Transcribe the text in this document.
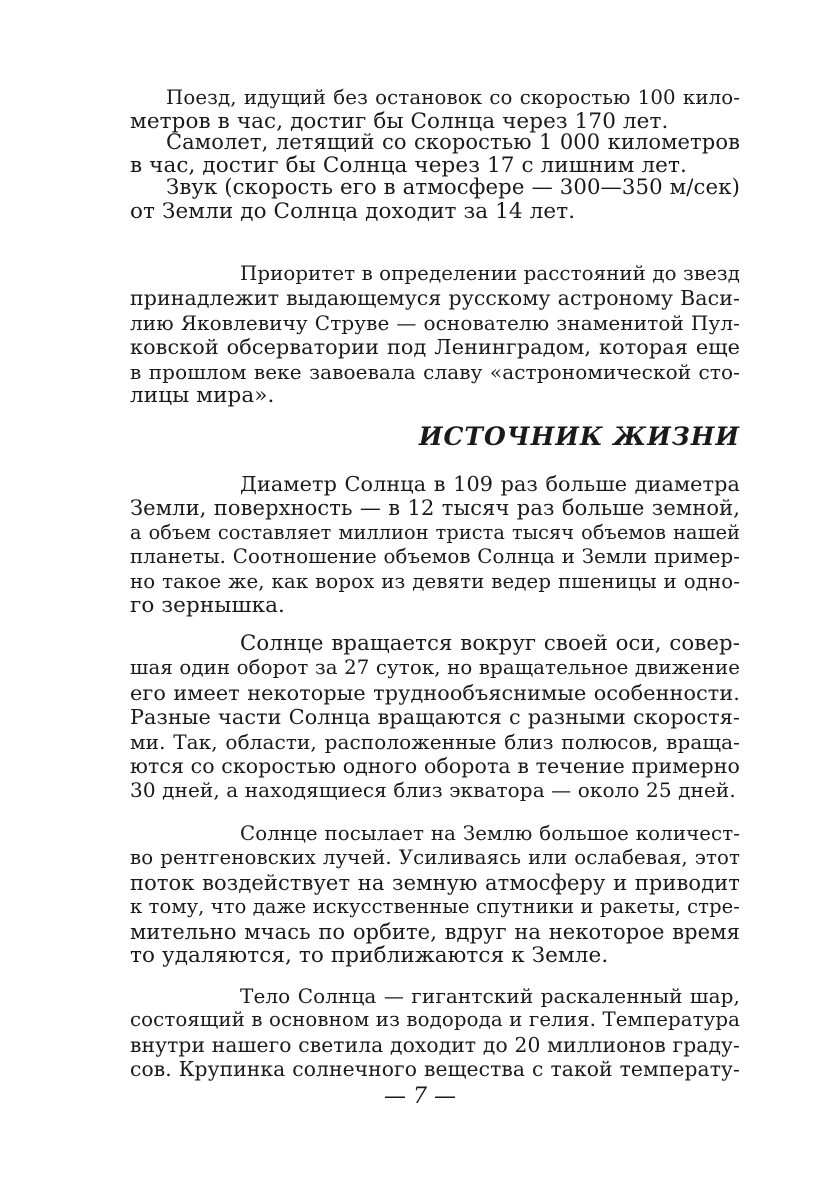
Поезд, идущий без остановок со скоростью 100 кило-
метров в час, достиг бы Солнца через 170 лет.
Самолет, летящий со скоростью 1 000 километров
в час, достиг бы Солнца через 17 с лишним лет.
Звук (скорость его в атмосфере — 300—350 м/сек)
от Земли до Солнца доходит за 14 лет.
Приоритет в определении расстояний до звезд
принадлежит выдающемуся русскому астроному Васи-
лию Яковлевичу Струве — основателю знаменитой Пул-
ковской обсерватории под Ленинградом, которая еще
в прошлом веке завоевала славу «астрономической сто-
лицы мира».
ИСТОЧНИК ЖИЗНИ
Диаметр Солнца в 109 раз больше диаметра
Земли, поверхность — в 12 тысяч раз больше земной,
а объем составляет миллион триста тысяч объемов нашей
планеты. Соотношение объемов Солнца и Земли пример-
но такое же, как ворох из девяти ведер пшеницы и одно-
го зернышка.
Солнце вращается вокруг своей оси, совер-
шая один оборот за 27 суток, но вращательное движение
его имеет некоторые труднообъяснимые особенности.
Разные части Солнца вращаются с разными скоростя-
ми. Так, области, расположенные близ полюсов, враща-
ются со скоростью одного оборота в течение примерно
30 дней, а находящиеся близ экватора — около 25 дней.
Солнце посылает на Землю большое количест-
во рентгеновских лучей. Усиливаясь или ослабевая, этот
поток воздействует на земную атмосферу и приводит
к тому, что даже искусственные спутники и ракеты, стре-
мительно мчась по орбите, вдруг на некоторое время
то удаляются, то приближаются к Земле.
Тело Солнца — гигантский раскаленный шар,
состоящий в основном из водорода и гелия. Температура
внутри нашего светила доходит до 20 миллионов граду-
сов. Крупинка солнечного вещества с такой температу-
— 7 —
